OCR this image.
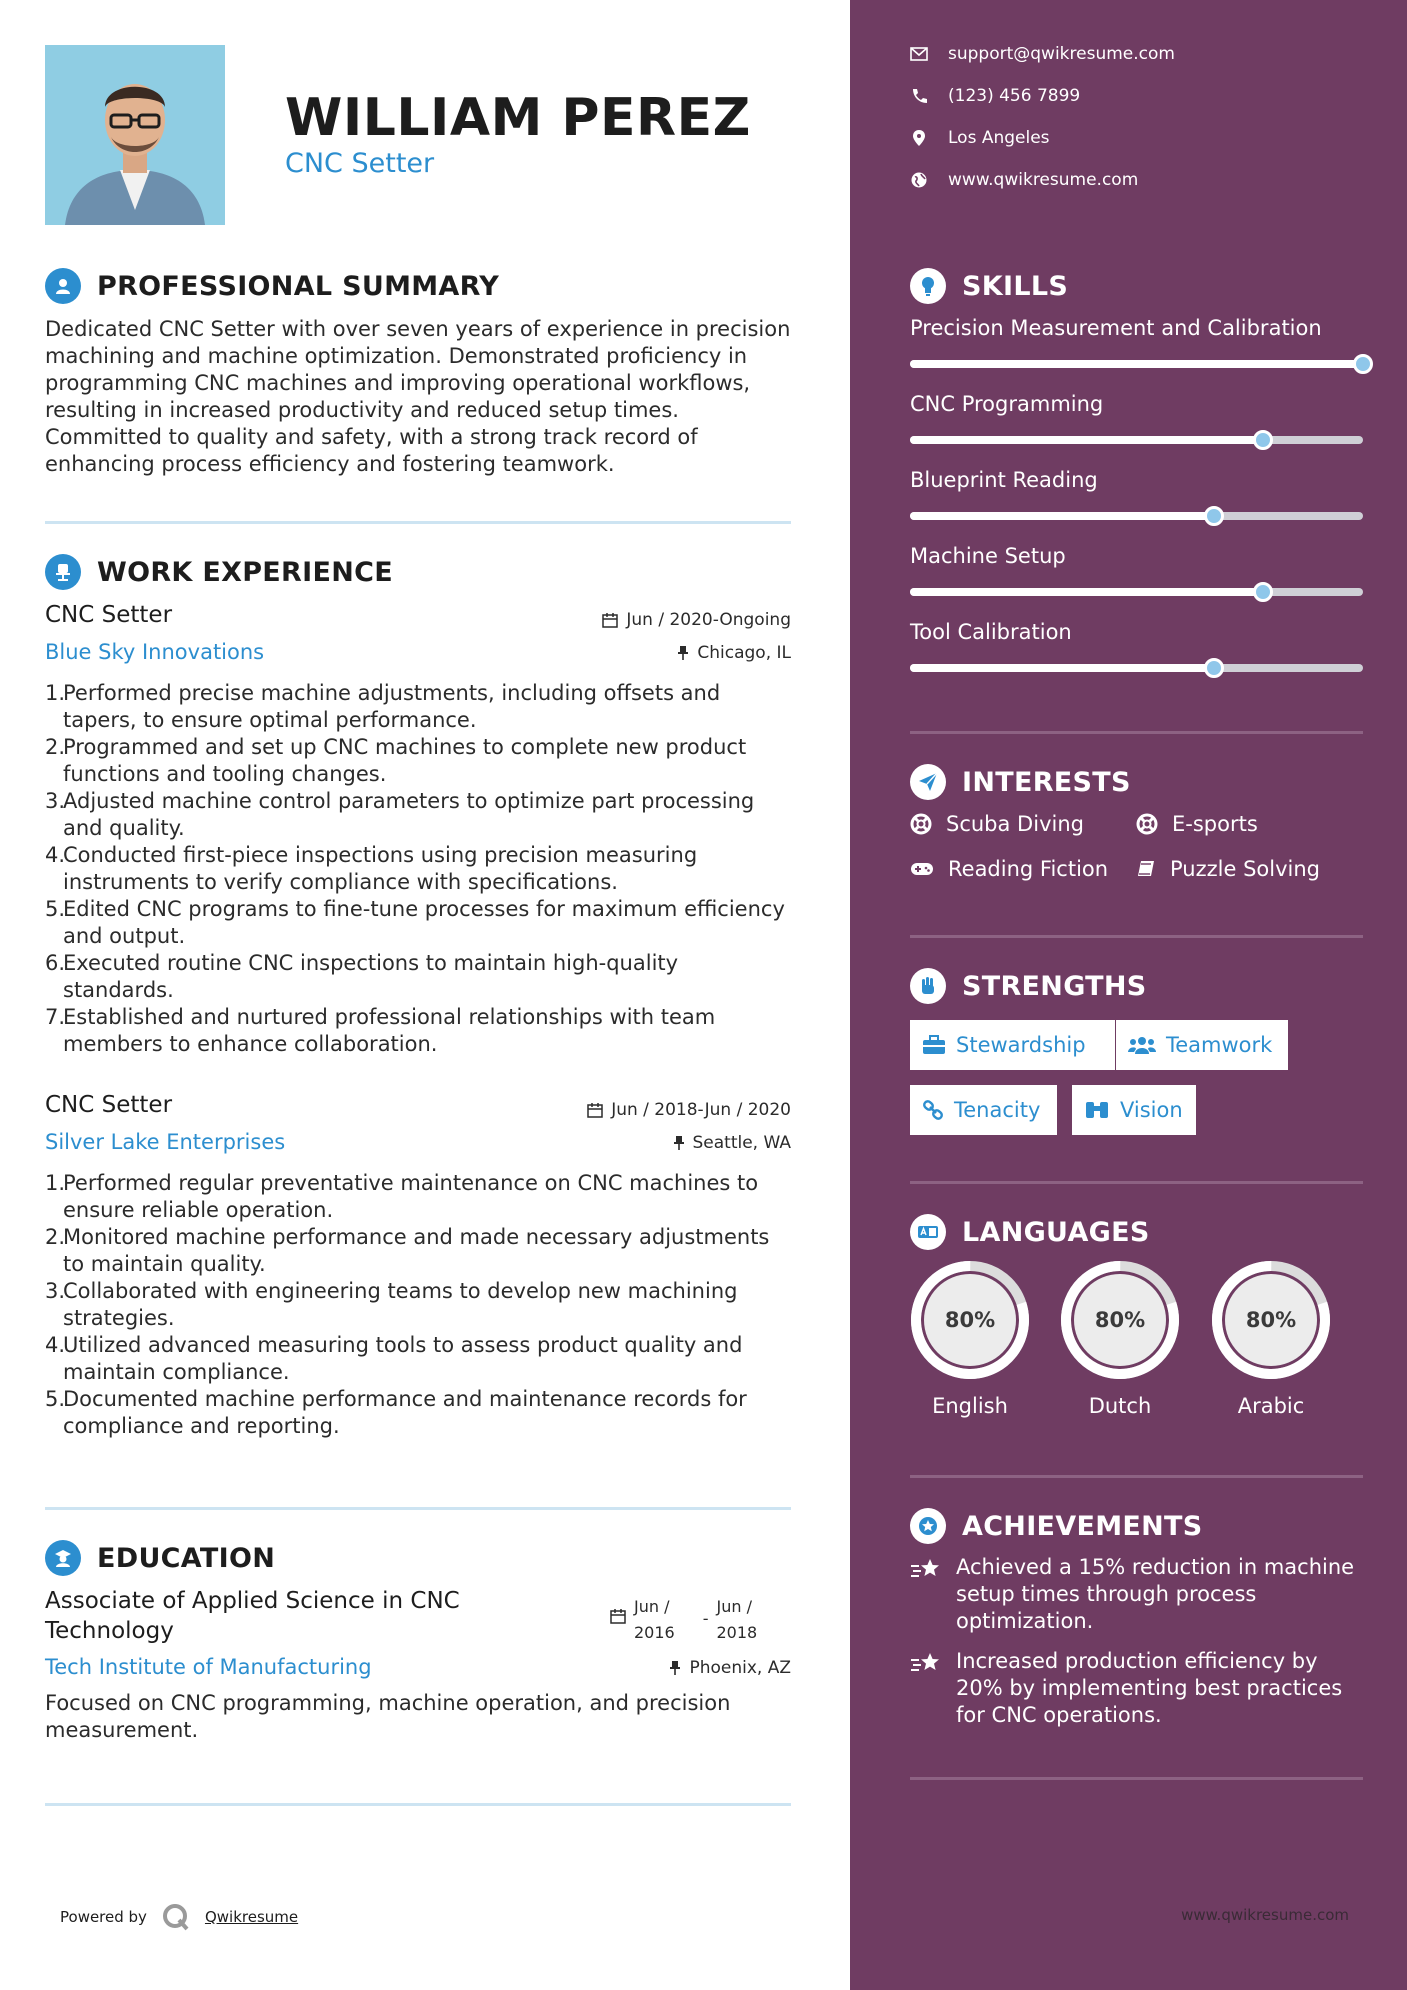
WILLIAM PEREZ
CNC Setter
PROFESSIONAL SUMMARY
Dedicated CNC Setter with over seven years of experience in precision
machining and machine optimization. Demonstrated proficiency in
programming CNC machines and improving operational workflows,
resulting in increased productivity and reduced setup times.
Committed to quality and safety, with a strong track record of
enhancing process efficiency and fostering teamwork.
WORK EXPERIENCE
CNC Setter	Jun / 2020-Ongoing
Blue Sky Innovations	Chicago, IL
1.
Performed precise machine adjustments, including offsets and
tapers, to ensure optimal performance.
2.
Programmed and set up CNC machines to complete new product
functions and tooling changes.
3.
Adjusted machine control parameters to optimize part processing
and quality.
4.
Conducted first-piece inspections using precision measuring
instruments to verify compliance with specifications.
5.
Edited CNC programs to fine-tune processes for maximum efficiency
and output.
6.
Executed routine CNC inspections to maintain high-quality
standards.
7.
Established and nurtured professional relationships with team
members to enhance collaboration.
CNC Setter	Jun / 2018-Jun / 2020
Silver Lake Enterprises	Seattle, WA
1.
Performed regular preventative maintenance on CNC machines to
ensure reliable operation.
2.
Monitored machine performance and made necessary adjustments
to maintain quality.
3.
Collaborated with engineering teams to develop new machining
strategies.
4.
Utilized advanced measuring tools to assess product quality and
maintain compliance.
5.
Documented machine performance and maintenance records for
compliance and reporting.
EDUCATION
Associate of Applied Science in CNC
Technology
Jun /
2016
-
Jun /
2018
Tech Institute of Manufacturing	Phoenix, AZ
Focused on CNC programming, machine operation, and precision
measurement.
Powered by	Qwikresume
support@qwikresume.com
(123) 456 7899
Los Angeles
www.qwikresume.com
SKILLS
Precision Measurement and Calibration
CNC Programming
Blueprint Reading
Machine Setup
Tool Calibration
INTERESTS
Scuba Diving	E-sports
Reading Fiction	Puzzle Solving
STRENGTHS
Stewardship	Teamwork
Tenacity	Vision
LANGUAGES
80%
English
80%
Dutch
80%
Arabic
ACHIEVEMENTS
Achieved a 15% reduction in machine
setup times through process
optimization.
Increased production efficiency by
20% by implementing best practices
for CNC operations.
www.qwikresume.com
